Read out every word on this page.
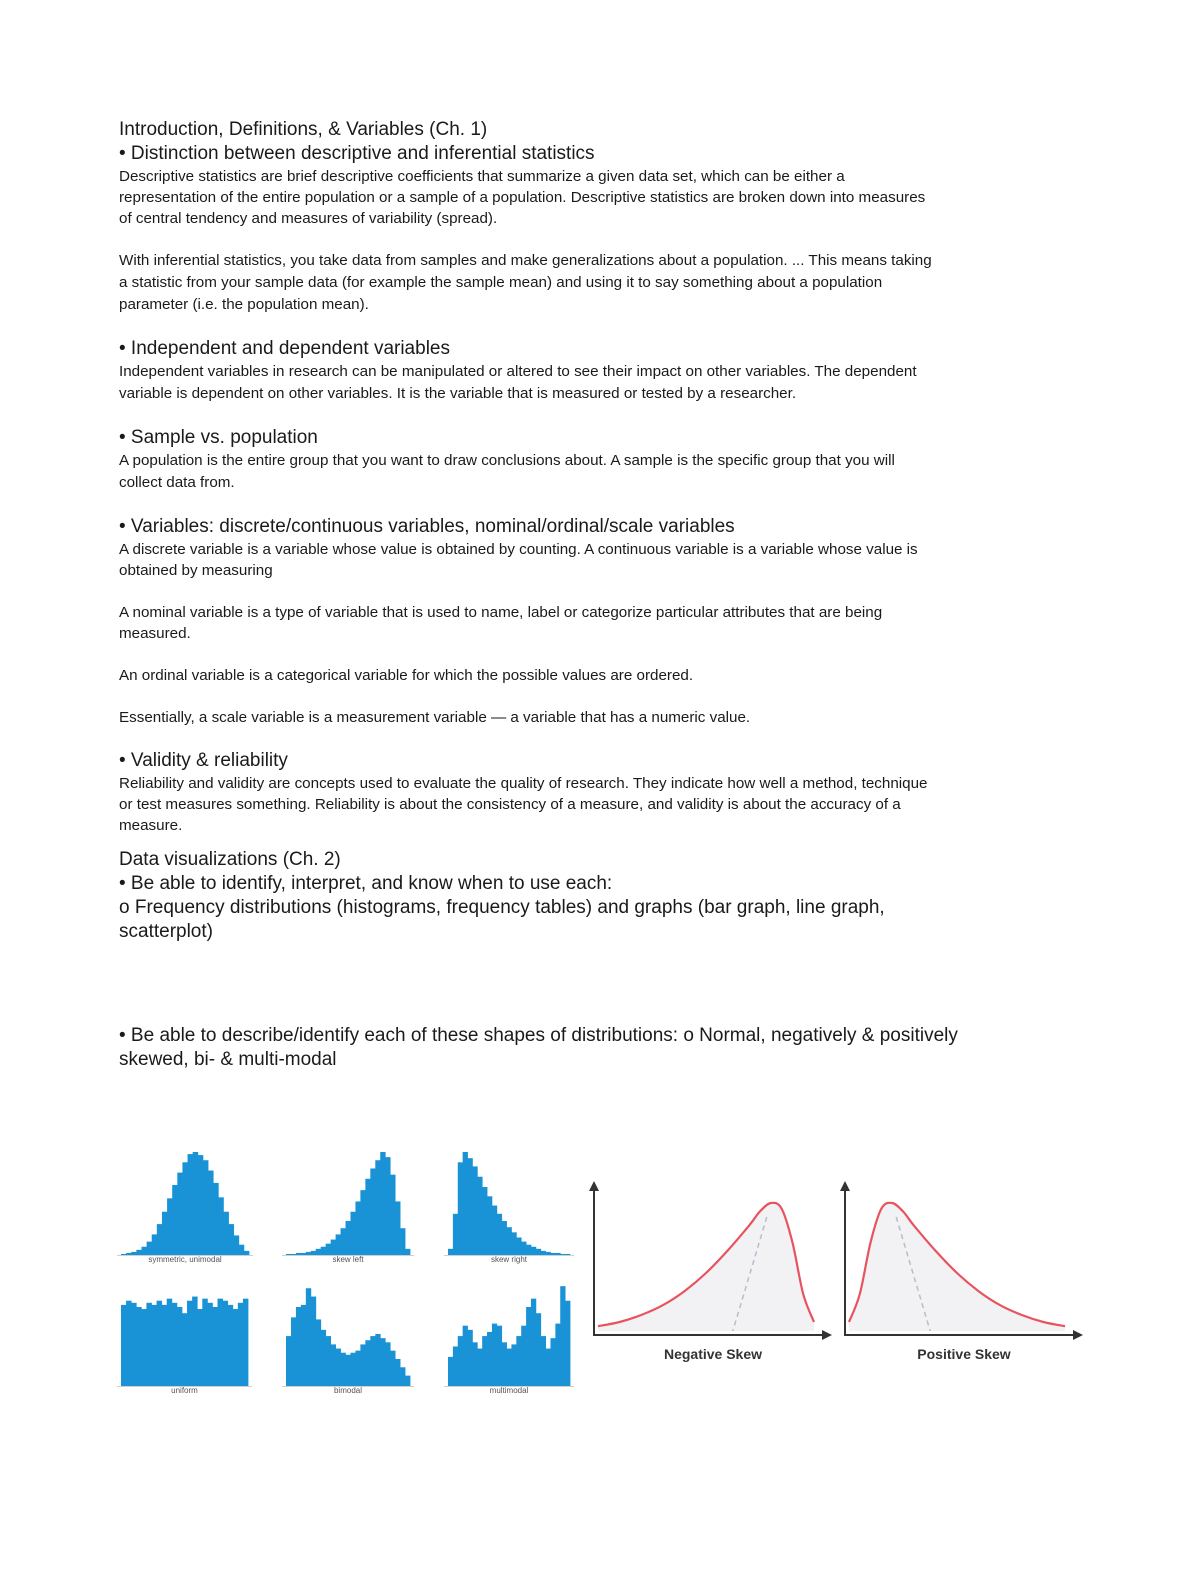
Introduction, Definitions, & Variables (Ch. 1)

• Distinction between descriptive and inferential statistics

Descriptive statistics are brief descriptive coefficients that summarize a given data set, which can be either a

representation of the entire population or a sample of a population. Descriptive statistics are broken down into measures

of central tendency and measures of variability (spread).

With inferential statistics, you take data from samples and make generalizations about a population. ... This means taking

a statistic from your sample data (for example the sample mean) and using it to say something about a population

parameter (i.e. the population mean).

• Independent and dependent variables

Independent variables in research can be manipulated or altered to see their impact on other variables. The dependent

variable is dependent on other variables. It is the variable that is measured or tested by a researcher.

• Sample vs. population

A population is the entire group that you want to draw conclusions about. A sample is the specific group that you will

collect data from.

• Variables: discrete/continuous variables, nominal/ordinal/scale variables

A discrete variable is a variable whose value is obtained by counting. A continuous variable is a variable whose value is

obtained by measuring

A nominal variable is a type of variable that is used to name, label or categorize particular attributes that are being

measured.

An ordinal variable is a categorical variable for which the possible values are ordered.

Essentially, a scale variable is a measurement variable — a variable that has a numeric value.

• Validity & reliability

Reliability and validity are concepts used to evaluate the quality of research. They indicate how well a method, technique

or test measures something. Reliability is about the consistency of a measure, and validity is about the accuracy of a

measure.

Data visualizations (Ch. 2)

• Be able to identify, interpret, and know when to use each:

o Frequency distributions (histograms, frequency tables) and graphs (bar graph, line graph,

scatterplot)

• Be able to describe/identify each of these shapes of distributions: o Normal, negatively & positively

skewed, bi- & multi-modal

symmetric, unimodal	skew left	skew right
uniform	bimodal	multimodal
Negative Skew	Positive Skew
